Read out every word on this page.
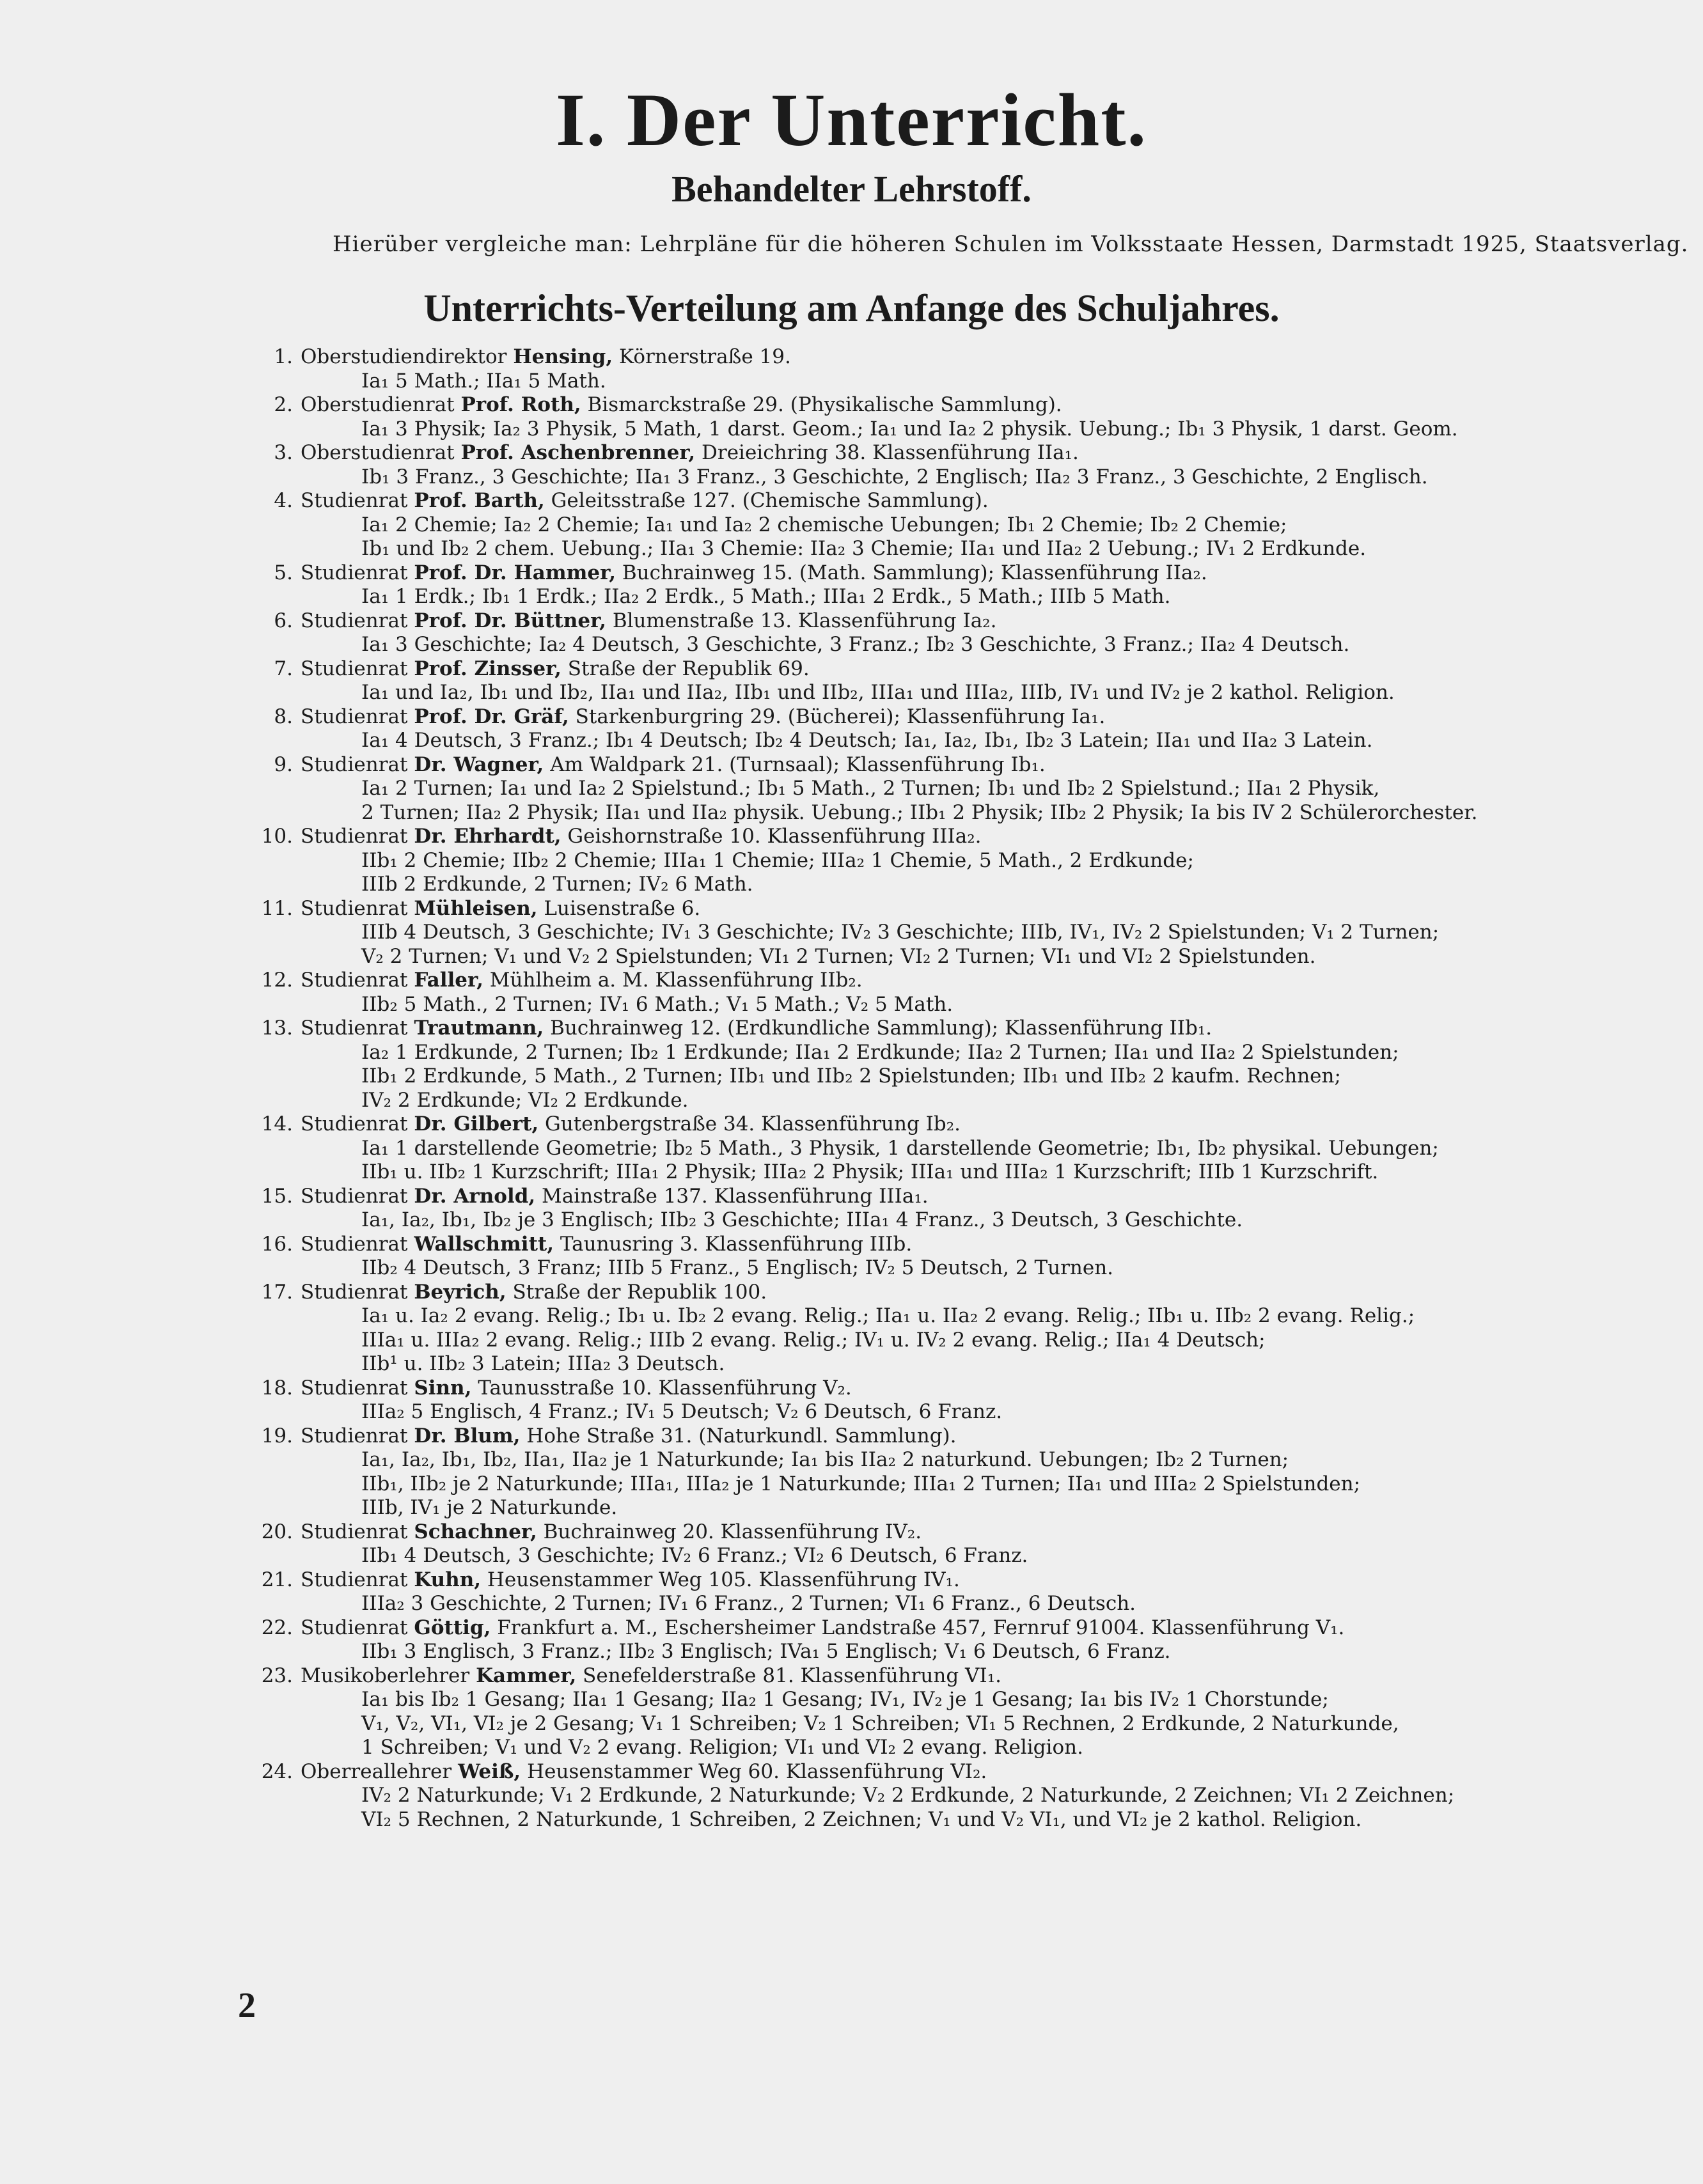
I. Der Unterricht.
Behandelter Lehrstoff.
Hierüber vergleiche man: Lehrpläne für die höheren Schulen im Volksstaate Hessen, Darmstadt 1925, Staatsverlag.
Unterrichts-Verteilung am Anfange des Schuljahres.
1. Oberstudiendirektor Hensing, Körnerstraße 19.
Ia₁ 5 Math.; IIa₁ 5 Math.
2. Oberstudienrat Prof. Roth, Bismarckstraße 29. (Physikalische Sammlung).
Ia₁ 3 Physik; Ia₂ 3 Physik, 5 Math, 1 darst. Geom.; Ia₁ und Ia₂ 2 physik. Uebung.; Ib₁ 3 Physik, 1 darst. Geom.
3. Oberstudienrat Prof. Aschenbrenner, Dreieichring 38. Klassenführung IIa₁.
Ib₁ 3 Franz., 3 Geschichte; IIa₁ 3 Franz., 3 Geschichte, 2 Englisch; IIa₂ 3 Franz., 3 Geschichte, 2 Englisch.
4. Studienrat Prof. Barth, Geleitsstraße 127. (Chemische Sammlung).
Ia₁ 2 Chemie; Ia₂ 2 Chemie; Ia₁ und Ia₂ 2 chemische Uebungen; Ib₁ 2 Chemie; Ib₂ 2 Chemie;
Ib₁ und Ib₂ 2 chem. Uebung.; IIa₁ 3 Chemie: IIa₂ 3 Chemie; IIa₁ und IIa₂ 2 Uebung.; IV₁ 2 Erdkunde.
5. Studienrat Prof. Dr. Hammer, Buchrainweg 15. (Math. Sammlung); Klassenführung IIa₂.
Ia₁ 1 Erdk.; Ib₁ 1 Erdk.; IIa₂ 2 Erdk., 5 Math.; IIIa₁ 2 Erdk., 5 Math.; IIIb 5 Math.
6. Studienrat Prof. Dr. Büttner, Blumenstraße 13. Klassenführung Ia₂.
Ia₁ 3 Geschichte; Ia₂ 4 Deutsch, 3 Geschichte, 3 Franz.; Ib₂ 3 Geschichte, 3 Franz.; IIa₂ 4 Deutsch.
7. Studienrat Prof. Zinsser, Straße der Republik 69.
Ia₁ und Ia₂, Ib₁ und Ib₂, IIa₁ und IIa₂, IIb₁ und IIb₂, IIIa₁ und IIIa₂, IIIb, IV₁ und IV₂ je 2 kathol. Religion.
8. Studienrat Prof. Dr. Gräf, Starkenburgring 29. (Bücherei); Klassenführung Ia₁.
Ia₁ 4 Deutsch, 3 Franz.; Ib₁ 4 Deutsch; Ib₂ 4 Deutsch; Ia₁, Ia₂, Ib₁, Ib₂ 3 Latein; IIa₁ und IIa₂ 3 Latein.
9. Studienrat Dr. Wagner, Am Waldpark 21. (Turnsaal); Klassenführung Ib₁.
Ia₁ 2 Turnen; Ia₁ und Ia₂ 2 Spielstund.; Ib₁ 5 Math., 2 Turnen; Ib₁ und Ib₂ 2 Spielstund.; IIa₁ 2 Physik,
2 Turnen; IIa₂ 2 Physik; IIa₁ und IIa₂ physik. Uebung.; IIb₁ 2 Physik; IIb₂ 2 Physik; Ia bis IV 2 Schülerorchester.
10. Studienrat Dr. Ehrhardt, Geishornstraße 10. Klassenführung IIIa₂.
IIb₁ 2 Chemie; IIb₂ 2 Chemie; IIIa₁ 1 Chemie; IIIa₂ 1 Chemie, 5 Math., 2 Erdkunde;
IIIb 2 Erdkunde, 2 Turnen; IV₂ 6 Math.
11. Studienrat Mühleisen, Luisenstraße 6.
IIIb 4 Deutsch, 3 Geschichte; IV₁ 3 Geschichte; IV₂ 3 Geschichte; IIIb, IV₁, IV₂ 2 Spielstunden; V₁ 2 Turnen;
V₂ 2 Turnen; V₁ und V₂ 2 Spielstunden; VI₁ 2 Turnen; VI₂ 2 Turnen; VI₁ und VI₂ 2 Spielstunden.
12. Studienrat Faller, Mühlheim a. M. Klassenführung IIb₂.
IIb₂ 5 Math., 2 Turnen; IV₁ 6 Math.; V₁ 5 Math.; V₂ 5 Math.
13. Studienrat Trautmann, Buchrainweg 12. (Erdkundliche Sammlung); Klassenführung IIb₁.
Ia₂ 1 Erdkunde, 2 Turnen; Ib₂ 1 Erdkunde; IIa₁ 2 Erdkunde; IIa₂ 2 Turnen; IIa₁ und IIa₂ 2 Spielstunden;
IIb₁ 2 Erdkunde, 5 Math., 2 Turnen; IIb₁ und IIb₂ 2 Spielstunden; IIb₁ und IIb₂ 2 kaufm. Rechnen;
IV₂ 2 Erdkunde; VI₂ 2 Erdkunde.
14. Studienrat Dr. Gilbert, Gutenbergstraße 34. Klassenführung Ib₂.
Ia₁ 1 darstellende Geometrie; Ib₂ 5 Math., 3 Physik, 1 darstellende Geometrie; Ib₁, Ib₂ physikal. Uebungen;
IIb₁ u. IIb₂ 1 Kurzschrift; IIIa₁ 2 Physik; IIIa₂ 2 Physik; IIIa₁ und IIIa₂ 1 Kurzschrift; IIIb 1 Kurzschrift.
15. Studienrat Dr. Arnold, Mainstraße 137. Klassenführung IIIa₁.
Ia₁, Ia₂, Ib₁, Ib₂ je 3 Englisch; IIb₂ 3 Geschichte; IIIa₁ 4 Franz., 3 Deutsch, 3 Geschichte.
16. Studienrat Wallschmitt, Taunusring 3. Klassenführung IIIb.
IIb₂ 4 Deutsch, 3 Franz; IIIb 5 Franz., 5 Englisch; IV₂ 5 Deutsch, 2 Turnen.
17. Studienrat Beyrich, Straße der Republik 100.
Ia₁ u. Ia₂ 2 evang. Relig.; Ib₁ u. Ib₂ 2 evang. Relig.; IIa₁ u. IIa₂ 2 evang. Relig.; IIb₁ u. IIb₂ 2 evang. Relig.;
IIIa₁ u. IIIa₂ 2 evang. Relig.; IIIb 2 evang. Relig.; IV₁ u. IV₂ 2 evang. Relig.; IIa₁ 4 Deutsch;
IIb¹ u. IIb₂ 3 Latein; IIIa₂ 3 Deutsch.
18. Studienrat Sinn, Taunusstraße 10. Klassenführung V₂.
IIIa₂ 5 Englisch, 4 Franz.; IV₁ 5 Deutsch; V₂ 6 Deutsch, 6 Franz.
19. Studienrat Dr. Blum, Hohe Straße 31. (Naturkundl. Sammlung).
Ia₁, Ia₂, Ib₁, Ib₂, IIa₁, IIa₂ je 1 Naturkunde; Ia₁ bis IIa₂ 2 naturkund. Uebungen; Ib₂ 2 Turnen;
IIb₁, IIb₂ je 2 Naturkunde; IIIa₁, IIIa₂ je 1 Naturkunde; IIIa₁ 2 Turnen; IIa₁ und IIIa₂ 2 Spielstunden;
IIIb, IV₁ je 2 Naturkunde.
20. Studienrat Schachner, Buchrainweg 20. Klassenführung IV₂.
IIb₁ 4 Deutsch, 3 Geschichte; IV₂ 6 Franz.; VI₂ 6 Deutsch, 6 Franz.
21. Studienrat Kuhn, Heusenstammer Weg 105. Klassenführung IV₁.
IIIa₂ 3 Geschichte, 2 Turnen; IV₁ 6 Franz., 2 Turnen; VI₁ 6 Franz., 6 Deutsch.
22. Studienrat Göttig, Frankfurt a. M., Eschersheimer Landstraße 457, Fernruf 91004. Klassenführung V₁.
IIb₁ 3 Englisch, 3 Franz.; IIb₂ 3 Englisch; IVa₁ 5 Englisch; V₁ 6 Deutsch, 6 Franz.
23. Musikoberlehrer Kammer, Senefelderstraße 81. Klassenführung VI₁.
Ia₁ bis Ib₂ 1 Gesang; IIa₁ 1 Gesang; IIa₂ 1 Gesang; IV₁, IV₂ je 1 Gesang; Ia₁ bis IV₂ 1 Chorstunde;
V₁, V₂, VI₁, VI₂ je 2 Gesang; V₁ 1 Schreiben; V₂ 1 Schreiben; VI₁ 5 Rechnen, 2 Erdkunde, 2 Naturkunde,
1 Schreiben; V₁ und V₂ 2 evang. Religion; VI₁ und VI₂ 2 evang. Religion.
24. Oberreallehrer Weiß, Heusenstammer Weg 60. Klassenführung VI₂.
IV₂ 2 Naturkunde; V₁ 2 Erdkunde, 2 Naturkunde; V₂ 2 Erdkunde, 2 Naturkunde, 2 Zeichnen; VI₁ 2 Zeichnen;
VI₂ 5 Rechnen, 2 Naturkunde, 1 Schreiben, 2 Zeichnen; V₁ und V₂ VI₁, und VI₂ je 2 kathol. Religion.
2
